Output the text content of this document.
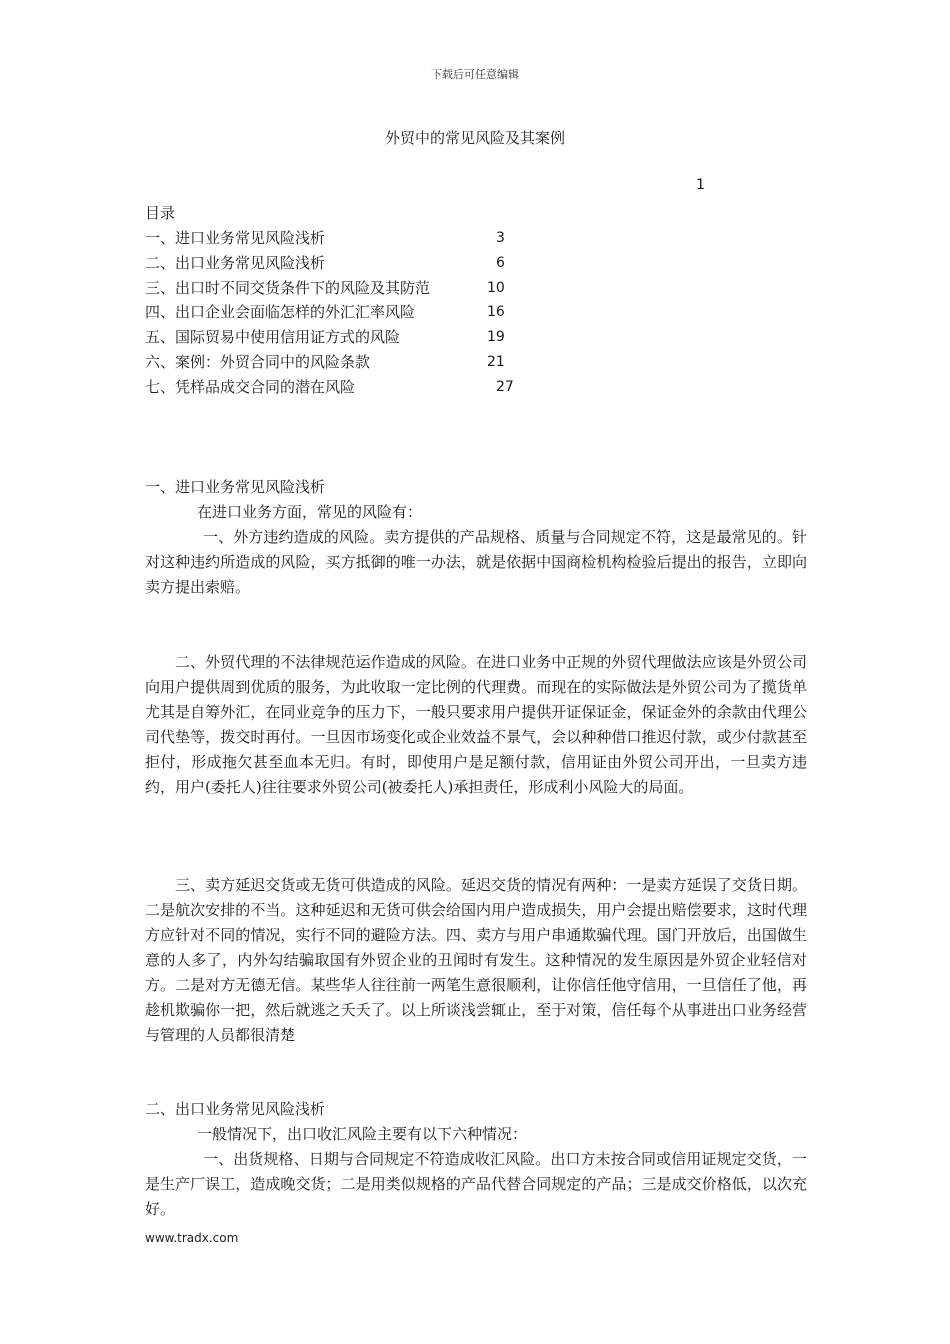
下载后可任意编辑
外贸中的常见风险及其案例
1
目录
一、进口业务常见风险浅析	3
二、出口业务常见风险浅析	6
三、出口时不同交货条件下的风险及其防范	10
四、出口企业会面临怎样的外汇汇率风险	16
五、国际贸易中使用信用证方式的风险	19
六、案例：外贸合同中的风险条款	21
七、凭样品成交合同的潜在风险	27
一、进口业务常见风险浅析

在进口业务方面，常见的风险有：

一、外方违约造成的风险。卖方提供的产品规格、质量与合同规定不符，这是最常见的。针对这种违约所造成的风险，买方抵御的唯一办法，就是依据中国商检机构检验后提出的报告，立即向卖方提出索赔。

二、外贸代理的不法律规范运作造成的风险。在进口业务中正规的外贸代理做法应该是外贸公司向用户提供周到优质的服务，为此收取一定比例的代理费。而现在的实际做法是外贸公司为了揽货单尤其是自筹外汇，在同业竞争的压力下，一般只要求用户提供开证保证金，保证金外的余款由代理公司代垫等，拨交时再付。一旦因市场变化或企业效益不景气，会以种种借口推迟付款，或少付款甚至拒付，形成拖欠甚至血本无归。有时，即使用户是足额付款，信用证由外贸公司开出，一旦卖方违约，用户(委托人)往往要求外贸公司(被委托人)承担责任，形成利小风险大的局面。

三、卖方延迟交货或无货可供造成的风险。延迟交货的情况有两种：一是卖方延误了交货日期。二是航次安排的不当。这种延迟和无货可供会给国内用户造成损失，用户会提出赔偿要求，这时代理方应针对不同的情况，实行不同的避险方法。四、卖方与用户串通欺骗代理。国门开放后，出国做生意的人多了，内外勾结骗取国有外贸企业的丑闻时有发生。这种情况的发生原因是外贸企业轻信对方。二是对方无德无信。某些华人往往前一两笔生意很顺利，让你信任他守信用，一旦信任了他，再趁机欺骗你一把，然后就逃之夭夭了。以上所谈浅尝辄止，至于对策，信任每个从事进出口业务经营与管理的人员都很清楚

二、出口业务常见风险浅析

一般情况下，出口收汇风险主要有以下六种情况：

一、出货规格、日期与合同规定不符造成收汇风险。出口方未按合同或信用证规定交货，一是生产厂误工，造成晚交货；二是用类似规格的产品代替合同规定的产品；三是成交价格低，以次充好。

www.tradx.com
